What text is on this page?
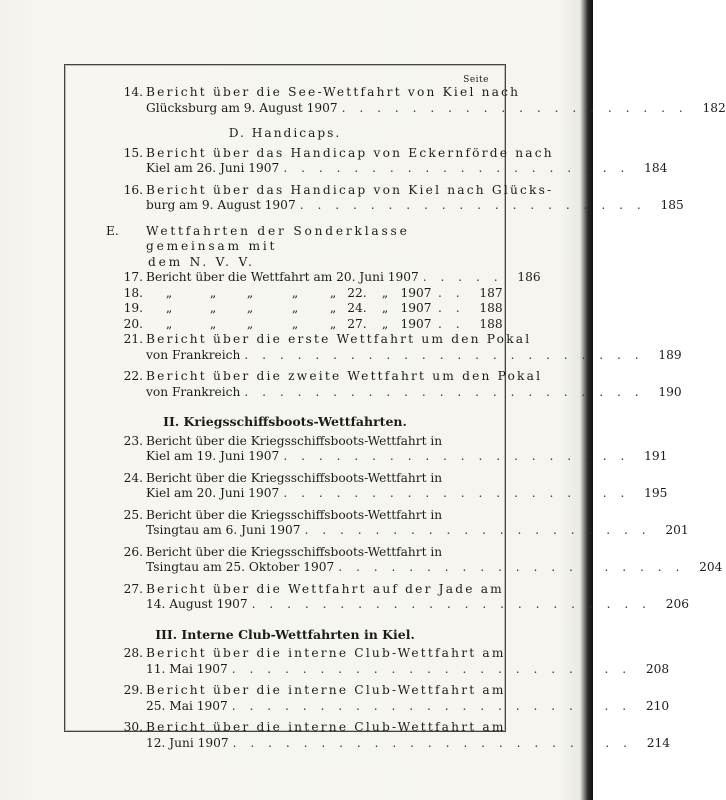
Seite
14. Bericht über die See-Wettfahrt von Kiel nach
Glücksburg am 9. August 1907 . . . . . . . . . . . . . . . . . . . .	182
D. Handicaps.
15. Bericht über das Handicap von Eckernförde nach
Kiel am 26. Juni 1907 . . . . . . . . . . . . . . . . . . . .	184
16. Bericht über das Handicap von Kiel nach Glücks-
burg am 9. August 1907 . . . . . . . . . . . . . . . . . . . .	185
E. Wettfahrten der Sonderklasse gemeinsam mit
dem N. V. V.
17. Bericht über die Wettfahrt am 20. Juni 1907 . . . . .	186
18.	„	„	„	„	„ 22.	„	1907 . .	187
19.	„	„	„	„	„ 24.	„	1907 . .	188
20.	„	„	„	„	„ 27.	„	1907 . .	188
21. Bericht über die erste Wettfahrt um den Pokal
von Frankreich . . . . . . . . . . . . . . . . . . . . . . .	189
22. Bericht über die zweite Wettfahrt um den Pokal
von Frankreich . . . . . . . . . . . . . . . . . . . . . . .	190
II. Kriegsschiffsboots-Wettfahrten.
23. Bericht über die Kriegsschiffsboots-Wettfahrt in
Kiel am 19. Juni 1907 . . . . . . . . . . . . . . . . . . . .	191
24. Bericht über die Kriegsschiffsboots-Wettfahrt in
Kiel am 20. Juni 1907 . . . . . . . . . . . . . . . . . . . .	195
25. Bericht über die Kriegsschiffsboots-Wettfahrt in
Tsingtau am 6. Juni 1907 . . . . . . . . . . . . . . . . . . . .	201
26. Bericht über die Kriegsschiffsboots-Wettfahrt in
Tsingtau am 25. Oktober 1907 . . . . . . . . . . . . . . . . . . . .	204
27. Bericht über die Wettfahrt auf der Jade am
14. August 1907 . . . . . . . . . . . . . . . . . . . . . . .	206
III. Interne Club-Wettfahrten in Kiel.
28. Bericht über die interne Club-Wettfahrt am
11. Mai 1907 . . . . . . . . . . . . . . . . . . . . . . .	208
29. Bericht über die interne Club-Wettfahrt am
25. Mai 1907 . . . . . . . . . . . . . . . . . . . . . . .	210
30. Bericht über die interne Club-Wettfahrt am
12. Juni 1907 . . . . . . . . . . . . . . . . . . . . . . .	214
